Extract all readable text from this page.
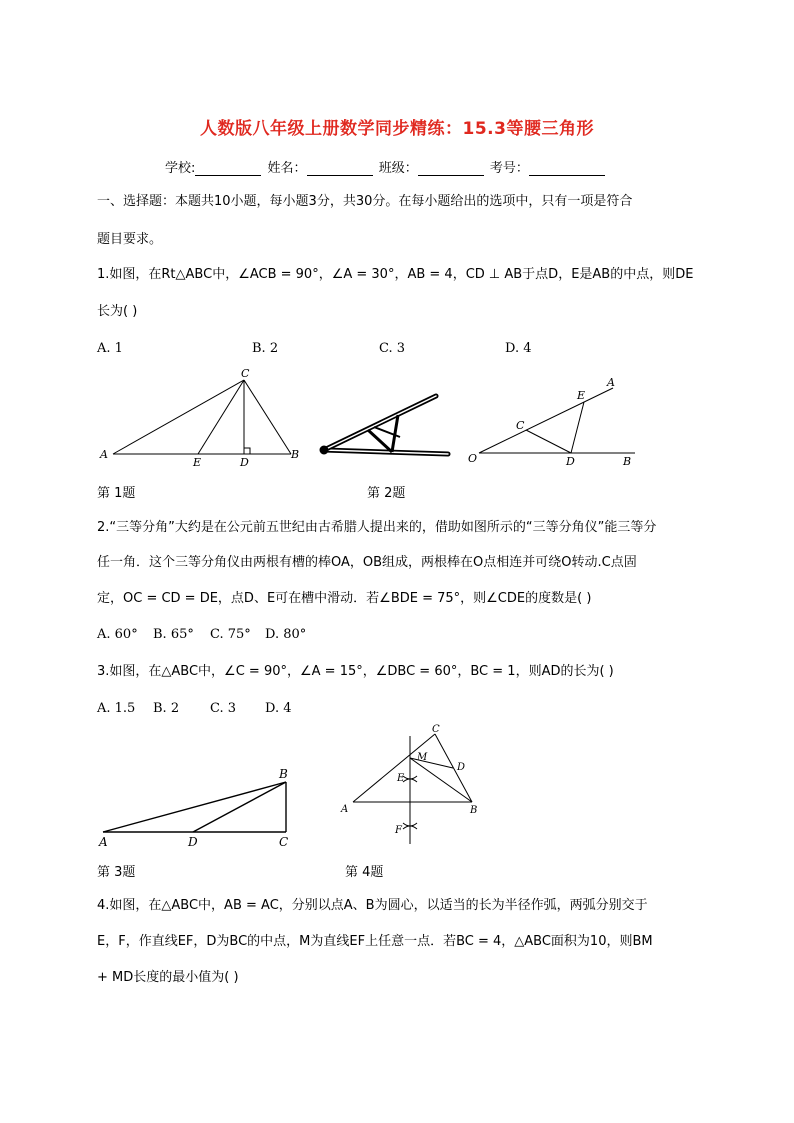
人数版八年级上册数学同步精练：15.3等腰三角形
学校:	姓名：	班级：	考号：
一、选择题：本题共10小题，每小题3分，共30分。在每小题给出的选项中，只有一项是符合
题目要求。
1.如图，在Rt△ABC中，∠ACB = 90°，∠A = 30°，AB = 4，CD ⊥ AB于点D，E是AB的中点，则DE
长为( )
A. 1	B. 2	C. 3	D. 4
A	B
C
D
E	O
A
C
D
E
B
第 1题	第 2题
2.“三等分角”大约是在公元前五世纪由古希腊人提出来的，借助如图所示的“三等分角仪”能三等分
任一角．这个三等分角仪由两根有槽的棒OA，OB组成，两根棒在O点相连并可绕O转动.C点固
定，OC = CD = DE，点D、E可在槽中滑动．若∠BDE = 75°，则∠CDE的度数是( )
A. 60° B. 65° C. 75° D. 80°
3.如图，在△ABC中，∠C = 90°，∠A = 15°，∠DBC = 60°，BC = 1，则AD的长为( )
A. 1.5 B. 2 C. 3 D. 4
A
B
C
D
C
M
D
E
A	B
F
第 3题	第 4题
4.如图，在△ABC中，AB = AC，分别以点A、B为圆心，以适当的长为半径作弧，两弧分别交于
E，F，作直线EF，D为BC的中点，M为直线EF上任意一点．若BC = 4，△ABC面积为10，则BM
+ MD长度的最小值为( )
